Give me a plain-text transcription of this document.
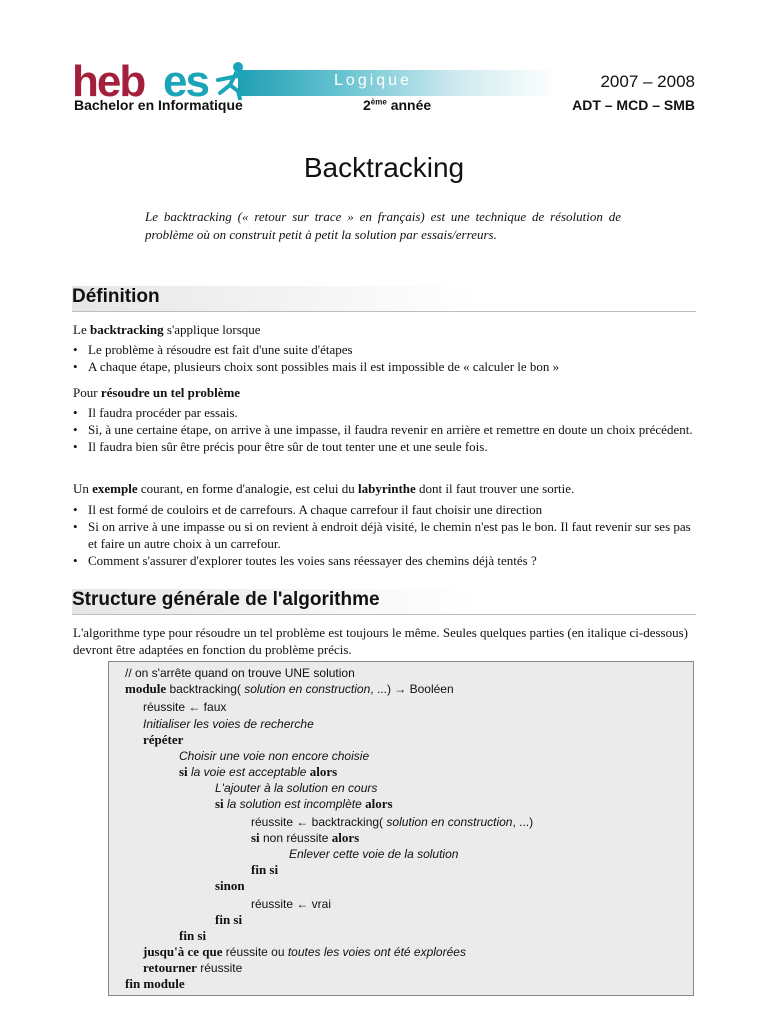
heb es	Logique	2007 – 2008
Bachelor en Informatique	2ème année	ADT – MCD – SMB
Backtracking
Le backtracking (« retour sur trace » en français) est une technique de résolution de problème où on construit petit à petit la solution par essais/erreurs.
Définition
Le backtracking s'applique lorsque
• Le problème à résoudre est fait d'une suite d'étapes
• A chaque étape, plusieurs choix sont possibles mais il est impossible de « calculer le bon »
Pour résoudre un tel problème
• Il faudra procéder par essais.
• Si, à une certaine étape, on arrive à une impasse, il faudra revenir en arrière et remettre en doute un choix précédent.
• Il faudra bien sûr être précis pour être sûr de tout tenter une et une seule fois.
Un exemple courant, en forme d'analogie, est celui du labyrinthe dont il faut trouver une sortie.
• Il est formé de couloirs et de carrefours. A chaque carrefour il faut choisir une direction
• Si on arrive à une impasse ou si on revient à endroit déjà visité, le chemin n'est pas le bon. Il faut revenir sur ses pas et faire un autre choix à un carrefour.
• Comment s'assurer d'explorer toutes les voies sans réessayer des chemins déjà tentés ?
Structure générale de l'algorithme
L'algorithme type pour résoudre un tel problème est toujours le même. Seules quelques parties (en italique ci-dessous) devront être adaptées en fonction du problème précis.
// on s'arrête quand on trouve UNE solution
module backtracking( solution en construction, ...) → Booléen
réussite ← faux
Initialiser les voies de recherche
répéter
Choisir une voie non encore choisie
si la voie est acceptable alors
L'ajouter à la solution en cours
si la solution est incomplète alors
réussite ← backtracking( solution en construction, ...)
si non réussite alors
Enlever cette voie de la solution
fin si
sinon
réussite ← vrai
fin si
fin si
jusqu'à ce que réussite ou toutes les voies ont été explorées
retourner réussite
fin module
